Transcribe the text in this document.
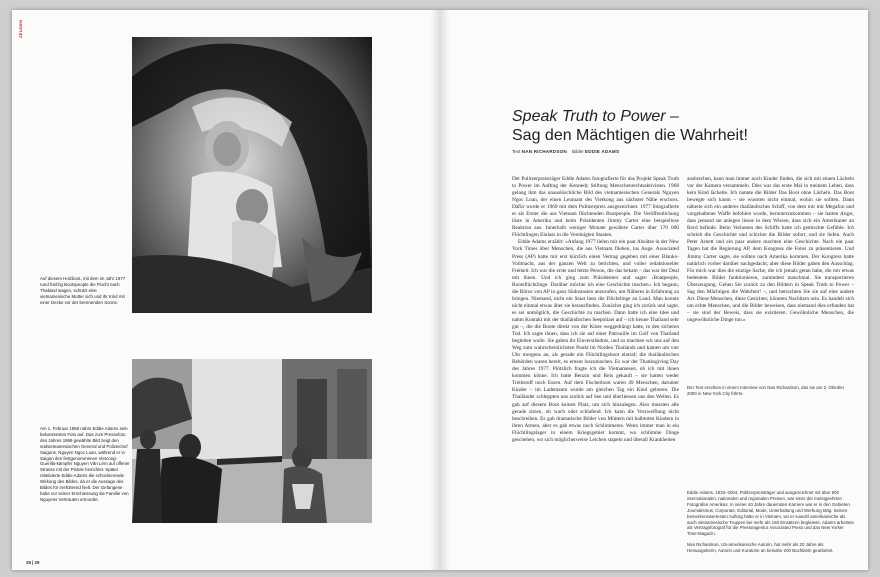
ZEUGEN
Auf diesem Holzboot, mit dem im Jahr 1977 rund fünfzig Bootspeople die Flucht nach Thailand wagen, schützt eine vietnamesische Mutter sich und ihr Kind mit einer Decke vor der brennenden Sonne.
Am 1. Februar 1968 nahm Eddie Adams sein bekanntestes Foto auf. Das zum Pressefoto des Jahres 1969 gewählte Bild zeigt den südvietnamesischen General und Polizeichef Saigons, Nguyen Ngoc Loan, während er in Saigon den festgenommenen Vietcong-Guerilla-kämpfer Nguyen Văn Lém auf offener Strasse mit der Pistole hinrichtet. Später relativierte Eddie Adams die schockierende Wirkung des Bildes, da er die Aussage des Bildes für irreführend hielt. Der Gefangene habe vor seiner Erschiessung die Familie von Nguyens Vertrauten ermordet.
28 | 29
Speak Truth to Power –
Sag den Mächtigen die Wahrheit!
Text NAN RICHARDSON Bilder EDDIE ADAMS

Der Pulitzerpreisträger Eddie Adams fotografierte für das Projekt Speak Truth to Power im Auftrag der Kennedy Stiftung Menschenrechtsaktivisten. 1968 gelang ihm das unauslöschliche Bild des vietnamesischen Generals Nguyen Ngoc Loan, der einen Leutnant des Vietkong aus nächster Nähe erschoss. Dafür wurde er 1969 mit dem Pulitzerpreis ausgezeichnet. 1977 fotografierte er als Erster die aus Vietnam flüchtenden Boatpeople. Die Veröffentlichung löste in Amerika und beim Präsidenten Jimmy Carter eine beispiellose Reaktion aus. Innerhalb weniger Monate gewährte Carter über 170 000 Flüchtlingen Einlass in die Vereinigten Staaten.

Eddie Adams erzählt: «Anfang 1977 lielen mir ein paar Absätze in der New York Times über Menschen, die aus Vietnam fliehen, ins Auge. Associated Press (AP) hatte mir erst kürzlich einen Vertrag gegeben mit einer Blanko-Vollmacht, aus der ganzen Welt zu berichten, und voller redaktioneller Freiheit. Ich war die erste und letzte Person, die das bekam – das war der Deal mit ihnen. Und ich ging zum Präsidenten und sagte: ‹Boatpeople, Bootsflüchtlinge. Darüber möchte ich eine Geschichte machen.› Ich begann, die Büros von AP in ganz Südostasien anzurufen, um Näheres in Erfahrung zu bringen. Niemand, nicht ein Staat liess die Flüchtlinge an Land. Man konnte nicht einmal etwas über sie herausfinden. Zunächst ging ich zurück und sagte, es sei unmöglich, die Geschichte zu machen. Dann hatte ich eine Idee und nahm Kontakt mit der thailändischen Seepolizei auf – ich kenne Thailand sehr gut –, die die Boote direkt von der Küste weggedrängt hatte, in den sicheren Tod. Ich sagte ihnen, dass ich sie auf einer Patrouille im Golf von Thailand begleiten wolle. Sie gaben ihr Einverständnis, und so machten wir uns auf den Weg zum wahrscheinlichsten Punkt im Norden Thailands und kamen um vier Uhr morgens an, als gerade ein Flüchtlingsboot eintraf; die thailändischen Behörden waren bereit, es erneut loszumachen. Es war der Thanksgiving Day des Jahres 1977. Plötzlich fragte ich die Vietnamesen, ob ich mit ihnen kommen könne. Ich hatte Benzin und Reis gekauft – sie hatten weder Treibstoff noch Essen. Auf dem Fischerboot waren 49 Menschen, darunter Kinder – im Lademaum wurde am gleichen Tag ein Kind geboren. Die Thailänder schleppten uns zurück auf See und überliessen uns den Wellen. Es gab auf diesem Boot keinen Platz, um sich hinzulegen. Also mussten alle gerade sitzen, ob wach oder schlafend. Ich kann die Verzweiflung nicht beschreiben. Es gab dramatische Bilder von Müttern mit halbtoten Kindern in ihren Armen, aber es gab etwas noch Schlimmeres. Wenn immer man in ein Flüchtlingslager in einem Kriegsgebiet kommt, wo schlimme Dinge geschehen, wo sich möglicherweise Leichen stapeln und überall Krankheiten

ausbrechen, kann man immer noch Kinder finden, die sich mit einem Lächeln vor der Kamera versammeln. Dies war das erste Mal in meinem Leben, dass kein Kind lächelte. Ich nannte die Bilder Das Boot ohne Lächeln. Das Boot bewegte sich kaum – sie wussten nicht einmal, wohin sie sollten. Dann näherte sich ein anderes thailändisches Schiff, von dem mir mit Megafon und vorgehaltener Waffe befohlen wurde, herunterzukommen – sie hatten Angst, dass jemand sie anlegen liesse in dem Wissen, dass sich ein Amerikaner an Bord befinde. Beim Verlassen des Schiffs hatte ich gemischte Gefühle. Ich schrieb die Geschichte und schickte die Bilder sofort, und sie liefen. Auch Peter Arnett und ein paar andere machten eine Geschichte. Nach ein paar Tagen bat die Regierung AP, dem Kongress die Fotos zu präsentieren. Und Jimmy Carter sagte, sie sollten nach Amerika kommen. Der Kongress hatte natürlich vorher darüber nachgedacht, aber diese Bilder gaben den Ausschlag. Für mich war dies die einzige Sache, die ich jemals getan habe, die mir etwas bedeutete. Bilder funktionieren, zumindest manchmal. Sie transportieren Überzeugung. Gehen Sie zurück zu den Bildern in Speak Truth to Power – Sag den Mächtigen die Wahrheit! –, und betrachten Sie sie auf eine andere Art. Diese Menschen, diese Gesichter, könnten Nachbarn sein. Es handelt sich um echte Menschen, und die Bilder beweisen, dass niemand dies erfunden hat – sie sind der Beweis, dass sie existieren. Gewöhnliche Menschen, die ungewöhnliche Dinge tun.»

Der Text erschien in einem Interview von Nan Richardson, das sie am 2. Oktober 2000 in New York City führte.

Eddie Adams, 1933–2004, Pulitzerpreisträger und ausgezeichnet mit über 500 internationalen, nationalen und regionalen Preisen, war einer der meistgeehrten Fotografen Amerikas. In seiner 40 Jahre dauernden Karriere war er in den Gebieten Journalismus, Corporate, Editorial, Mode, Unterhaltung und Werbung tätig. Seinen bemerkenswertesten Auftrag hatte er in Vietnam, wo er sowohl amerikanische als auch vietnamesische Truppen bei mehr als 150 Einsätzen begleitete. Adams arbeitete als Vertragsfotograf für die Presseagentur Associated Press und das New Yorker Time-Magazin.

Nan Richardson, US-amerikanische Autorin, hat mehr als 20 Jahre als Herausgeberin, Autorin und Kuratorin an beinahe 200 Buchtiteln gearbeitet.
